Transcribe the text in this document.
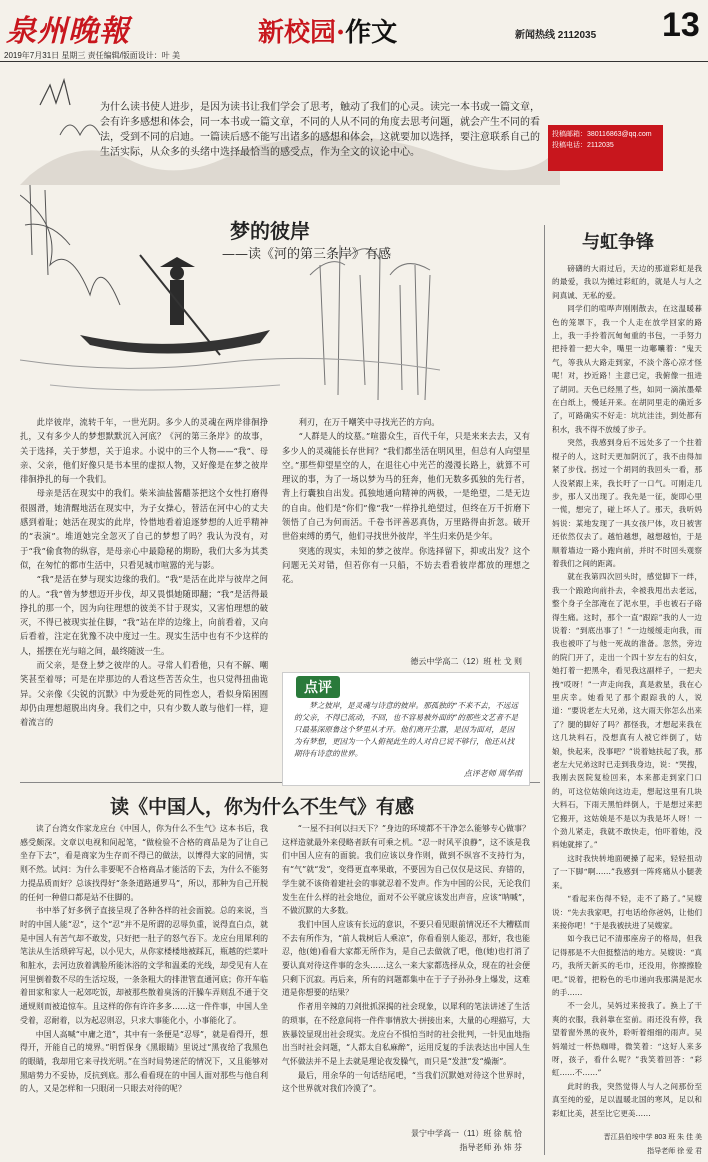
泉州晚報	新校园·作文	新闻热线 2112035 13
2019年7月31日 星期三 责任编辑/版面设计：叶 美
为什么读书使人进步，是因为读书让我们学会了思考，触动了我们的心灵。读完一本书或一篇文章，会有许多感想和体会，同一本书或一篇文章，不同的人从不同的角度去思考问题，就会产生不同的看法，受到不同的启迪。一篇读后感不能写出诸多的感想和体会，这就要加以选择，要注意联系自己的生活实际，从众多的头绪中选择最恰当的感受点，作为全文的议论中心。
投稿邮箱：380116863@qq.com
投稿电话：2112035
梦的彼岸
——读《河的第三条岸》有感
与虹争锋

此岸彼岸，流转千年，一世光阴。多少人的灵魂在两岸徘徊挣扎，又有多少人的梦想默默沉入河底？《河的第三条岸》的故事，关于选择，关于梦想，关于追求。小说中的三个人物——“我”、母亲、父亲，他们好像只是书本里的虚拟人物，又好像是在梦之彼岸徘徊挣扎的每一个我们。

母亲是活在现实中的我们。柴米油盐酱醋茶把这个女性打磨得很圆滑，她清醒地活在现实中，为子女操心，替活在河中心的丈夫感到着耻；她活在现实的此岸，怜惜地看着追逐梦想的人近乎精神的“表演”。堆道她完全忽灭了自己的梦想了吗？我认为没有，对于“我”偷食物的纵容，是母亲心中最隐秘的期盼，我们大多为其类似，在匆忙的都市生活中，只看见城市喧嚣的光与影。

“我”是活在梦与现实边缘的我们。“我”是活在此岸与彼岸之间的人。“我”曾为梦想迈开步伐，却又畏惧她随即翻；“我”是活得最挣扎的那一个，因为向往理想的彼美不甘于现实，又害怕理想的破灭，不得已被现实扯住脚，“我”站在岸的边缘上，向前看着，又向后看着，注定在犹豫不决中度过一生。现实生活中也有不少这样的人，摇摆在光与暗之间，最终随波一生。

而父亲，是登上梦之彼岸的人。寻常人们看他，只有不解、嘲笑甚至着辱；可是在岸那边的人看这些苦苦众生，也只觉得扭曲诡异。父亲像《尖锐的沉默》中为爱赴死的同性恋人，看似身陷困囿却仍由理想超脱出肉身。我们之中，只有少数人敢与他们一样，迎着流言的

利刃，在万千嘲笑中寻找光芒的方向。

“人群是人的坟墓。”喧嚣众生，百代千年，只是来来去去，又有多少人的灵魂能长存世间？“我们都坐活在明风里，但总有人向望星空。”那些仰望星空的人，在退往心中光芒的漫漫长路上，就算不可理议的事，为了一场以梦为马的狂奔，他们无数多孤独的先行者，背上行囊独自出发。孤独地通向精神的两极，一是绝望，二是无边的自由。他们是“你们”像“我”一样挣扎绝望过，但终在万千折磨下领悟了自己为何而活。千卷书评善恶真伪，万里路得由折忽。破开世俗束缚的勇气，他们寻找世外彼岸，半生归来仍是少年。

突逃的现实，未知的梦之彼岸。你选择留下，抑或出发？这个问题无关对错，但若你有一只船，不妨去看看彼岸都放的理想之花。

德云中学高二（12）班 杜 戈 则
点评
梦之彼岸，是灵魂与诗意的彼岸。那孤独的“不来不去，不远远的父亲，不得已流动，不回，也不容易被外面的”的那些文艺者不是只最基深原鲁这个梦里从才开。他们离开尘嚣，是因为面对，是因为有梦想，更因为一个人俯视此生的人对自已说不够行，他还从找期待有诗意的世界。
点评老师 周华雨
读《中国人，你为什么不生气》有感

读了台湾女作家龙应台《中国人，你为什么不生气》这本书后，我感受颇深。文章以电视和间起笔，“做检验不合格的商品是为了让自己坐存下去”，看是商家为生存而不得已的做法，以博得大家的同情，实则不然。试问：为什么非要呢不合格商品才能活的下去，为什么不能努力提品质而好？总该找得好“条条道路通罗马”，所以，那种为自己开脱的任何一种借口都是站不住脚的。

书中举了好多例子直接呈现了各种各样的社会面貌。总的来说，当时的中国人能“忍”，这个“忍”并不是所谓的忍辱负重，说得直白点，就是中国人有苦气却不敢发，只好把一肚子的怒气吞下。龙应台用犀利的笔法从生活琐碎写起，以小见大，从你家楼楼地被踩瓦，瓶越的烂菜叶和脏水，去河边放着满脸所能沐浴的文学和温柔的光线，却受见有人在河里倒着数不尽的生活垃圾，一条条粗大的排泄管直通河底；你开车临着田家和家人一起郊吃饭，却被那些散着臭汤的汗臊车弄则乱不通于交通规则而被追惊车。且这样的你有许许多多……这一件件事，中国人坐受着，忍耐着，以为起忍则忍，只求大事能化小，小事能化了。

中国人高喊“中庸之道”，其中有一条便是“忍辱”，就是看得开，想得开，开能自己的境界。”明哲保身《黑眼睛》里说过“黑夜给了我黑色的眼睛，我却用它来寻找光明。”在当时局势迷茫的情况下，又且能够对黑暗势力不妥协，反抗到底。那么看看现在的中国人面对那些与他自利的人，又是怎样和一只眼闭一只眼去对待的呢？

“一屋不扫何以扫天下？”身边的环境都不干净怎么能够专心做事？这样造就最外来侵略者跃有可乘之机。“忍一时风平浪静”，这不该是我们中国人应有的面貌。我们应该以身作则，做到不纵容不支持行为，有“气”就“发”，变得更直率果敢，不要因为自己仅仅是这民、弃错的，学生就不该倚着建社会的事就忍着不发声。作为中国的公民，无论我们发生在什么样的社会地位，面对不公平就应该发出声音，应该“呐喊”，不做沉默的大多数。

我们中国人应该有长远的意识，不要只看见眼前情况还不大糟糕而不去有所作为，“前人栽树后人乘凉”，你看看别人能忍，那好，我也能忍，他(她)看看大家都无所作为，是自己去做就了吧，他(她)也打消了要认真对待这件事的念头……这么一来大家都选择从众，现在的社会便只剩下沉寂。再后来，所有的问题都集中在于子子孙孙身上爆发，这难道是你想要的结果？

作者用辛辣的刀剑批抓深揭的社会现象，以犀利的笔法讲述了生活的琐事，在不经意间将一件件事情放大·拼接出来，大量的心理描写，大族暴饺显现出社会现实。龙应台不惧怕当时的社会批判，一针见血地指出当时社会问题，“人都太自私麻醉”，运用反复的手法表达出中国人生气怀做法并不是上去就是理论夜发臊气，而只是“发泄”发“燥渐”。

最后，用余华的一句话结尾吧，“当我们沉默她对待这个世界时，这个世界就对我们冷漠了”。

景宁中学高一（11）班 徐 航 恰
指导老师 孙 炜 芬

磅礴的大雨过后，天边的那道彩虹是我的最爱，我以为摊过彩虹的，就是人与人之间真诚、无私的爱。

同学们的喧哗声刚刚散去，在这温暖暮色的笼罩下，我一个人走在放学回家的路上，我一手拎着沉甸甸重的书包，一手努力把持着一把大伞，嘴里一边嘟囔着：“鬼天气，等我从大路走到家，不淡个落心凉才怪呢！对，抄近路！主意已定，我俯像一扭进了胡同。天色已经黑了些，如同一滴浓墨晕在白纸上，慢延开来。在胡同里走的确近多了，可路确实不好走：坑坑洼洼，到处都有积水，我不得不放缓了步子。

突然，我感到身后不远处多了一个拄着棍子的人，这时天更加阴沉了，我不由得加紧了步伐。拐过一个胡同的我回头一看，那人没紧跟上来，我长吁了一口气。可刚走几步，那人又出现了。我先是一征，旋即心里一慌，想完了，碰上坏人了。那天，我听妈妈说：某地发现了一具女孩尸体，攻日被害还依然仅去了。越怕越想，越想越怕，于是顺着墙边一路小跑向前，并时不时回头观察着我们之间的距离。

就在我第四次回头时，感觉脚下一绊，我一个踉跄向前扑去，伞被我甩出去老远，整个身子全部淹在了泥水里，手也被石子硌得生痛。这时，那个一直“跟踪”我的人一边说着：“到底出事了！”一边缓缓走向我，而我也被吓了与他一死战的准备。忽然，旁边的院门开了，走出一个四十岁左右的妇女，她打着一把黑伞，看见我这副样子，一把夫拽“哎呀！”一声走向我，真是救星，我在心里庆幸。她看见了那个跟踪我的人，说道：“要说老左大兄弟，这大雨天你怎么出来了？腿的脚好了吗？都怪我，才想起来我在这几块料石，没想真有人被它绊倒了，姑娘，快起来，没事吧？”说着她扶起了我，那老左大兄弟这时已走到我身边，说：“哭搜，我刚去医院复检回来，本来都走到家门口的，可这位姑娘向这边走，想起这里有几块大料石，下雨天黑怕绊倒人，于是想过来把它搬开，这姑娘是不是以为我是坏人呀！一个劲儿紧走，我就不敢快走，怕吓着她，没料她就摔了。”

这时我快转地面硬搡了起来，轻轻扭动了一下脚“啊……”我感到一阵疼痛从小腿袭来。

“看起来伤得不轻，走不了路了。”吴嫂说：“先去我家吧，打电话给你爸妈，让他们来接你吧！”于是我被扶进了吴嫂家。

如今我已记不清那座房子的格局，但我记得那是不大但挺整洁的地方。吴嫂说：“真巧，我所天新买的毛巾，还没用，你擦擦脸吧。”说着，把粉色的毛巾递向我那满是泥水的手……

不一会儿，吴妈过来接我了。换上了干爽的衣服，我斜靠在室前。雨还没有停，我望着窗外黑的夜外，聆听着细细的雨声。吴妈端过一杯热咖啡，微笑着：“这好人来多呀，孩子，看什么呢？”我笑着回答：“彩虹……不……”

此时的我，突然觉得人与人之间那份至真至纯的爱，足以温暖北国的寒风，足以和彩虹比美，甚至比它更美……

晋江县伯垵中学 803 班 朱 佳 美
指导老师 徐 爱 君
